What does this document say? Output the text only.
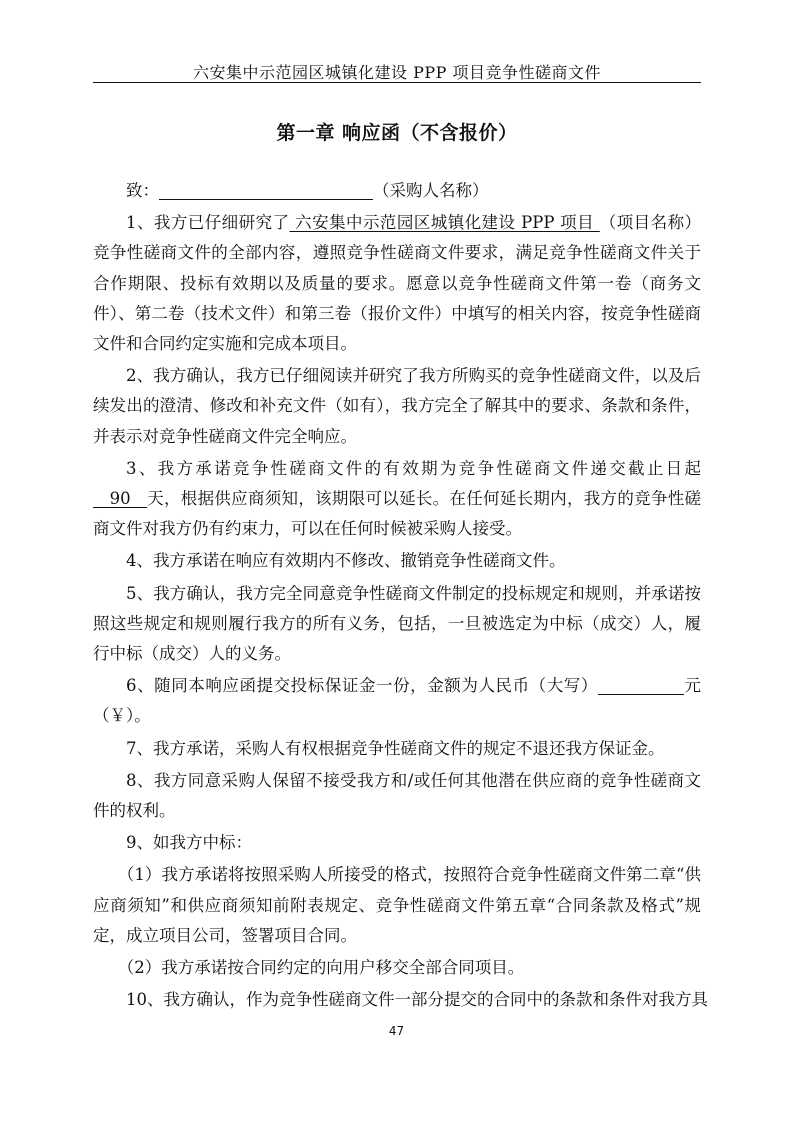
六安集中示范园区城镇化建设 PPP 项目竞争性磋商文件
第一章 响应函（不含报价）

致：	（采购人名称）

1、我方已仔细研究了 六安集中示范园区城镇化建设 PPP 项目 （项目名称）竞争性磋商文件的全部内容，遵照竞争性磋商文件要求，满足竞争性磋商文件关于合作期限、投标有效期以及质量的要求。愿意以竞争性磋商文件第一卷（商务文件）、第二卷（技术文件）和第三卷（报价文件）中填写的相关内容，按竞争性磋商文件和合同约定实施和完成本项目。

2、我方确认，我方已仔细阅读并研究了我方所购买的竞争性磋商文件，以及后续发出的澄清、修改和补充文件（如有），我方完全了解其中的要求、条款和条件，并表示对竞争性磋商文件完全响应。

3、我方承诺竞争性磋商文件的有效期为竞争性磋商文件递交截止日起   90   天，根据供应商须知，该期限可以延长。在任何延长期内，我方的竞争性磋商文件对我方仍有约束力，可以在任何时候被采购人接受。

4、我方承诺在响应有效期内不修改、撤销竞争性磋商文件。

5、我方确认，我方完全同意竞争性磋商文件制定的投标规定和规则，并承诺按照这些规定和规则履行我方的所有义务，包括，一旦被选定为中标（成交）人，履行中标（成交）人的义务。

6、随同本响应函提交投标保证金一份，金额为人民币（大写）	元（￥）。

7、我方承诺，采购人有权根据竞争性磋商文件的规定不退还我方保证金。

8、我方同意采购人保留不接受我方和/或任何其他潜在供应商的竞争性磋商文件的权利。

9、如我方中标：

（1）我方承诺将按照采购人所接受的格式，按照符合竞争性磋商文件第二章“供应商须知”和供应商须知前附表规定、竞争性磋商文件第五章“合同条款及格式”规定，成立项目公司，签署项目合同。

（2）我方承诺按合同约定的向用户移交全部合同项目。

10、我方确认，作为竞争性磋商文件一部分提交的合同中的条款和条件对我方具

47
